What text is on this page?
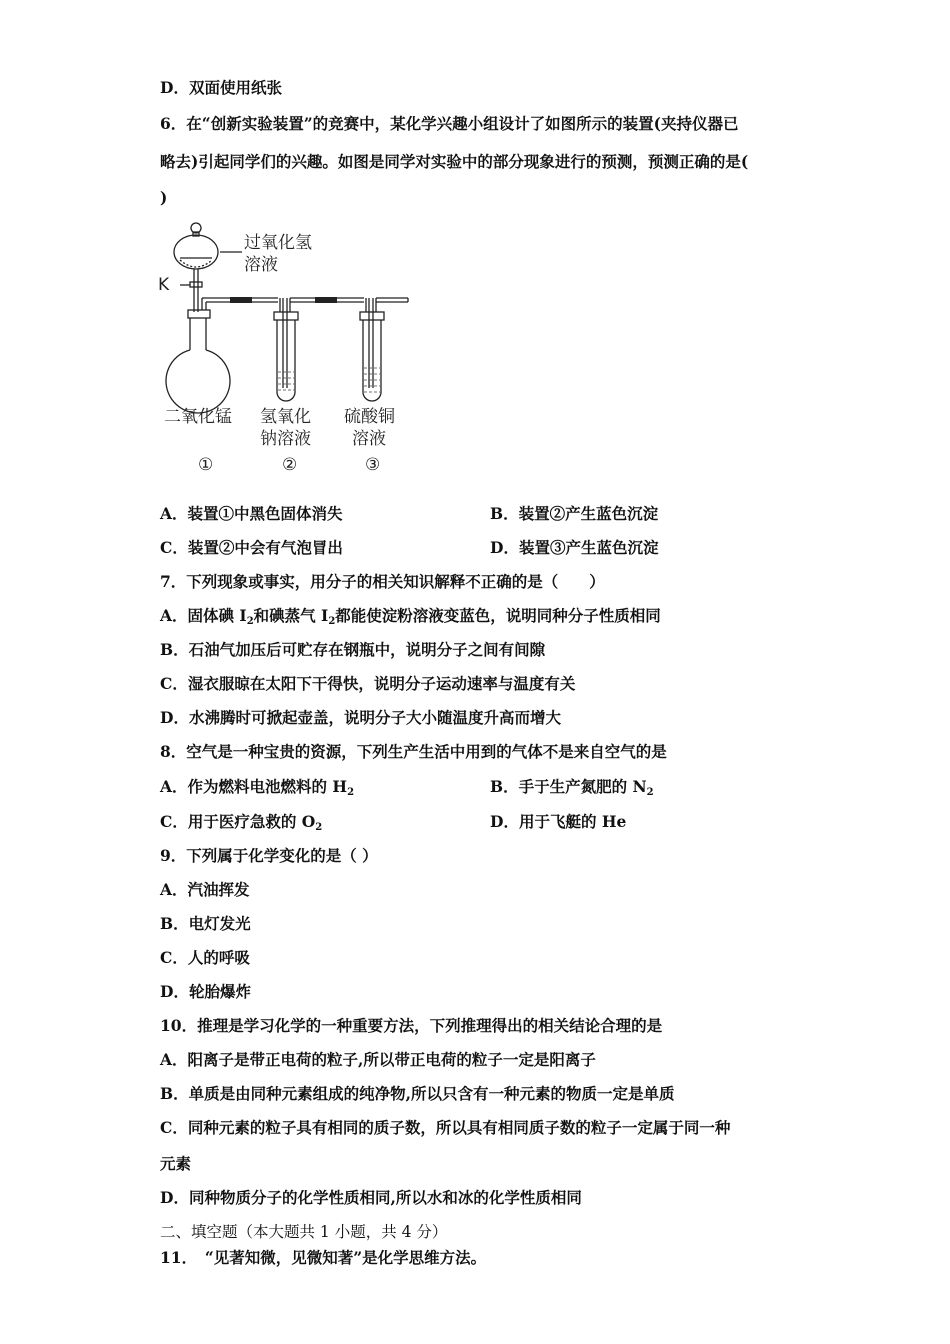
D．双面使用纸张
6．在“创新实验装置”的竞赛中，某化学兴趣小组设计了如图所示的装置(夹持仪器已
略去)引起同学们的兴趣。如图是同学对实验中的部分现象进行的预测，预测正确的是(
)
过氧化氢
溶液
K
二氧化锰 氢氧化
钠溶液
硫酸铜
溶液
①	②	③
A．装置①中黑色固体消失	B．装置②产生蓝色沉淀
C．装置②中会有气泡冒出	D．装置③产生蓝色沉淀
7．下列现象或事实，用分子的相关知识解释不正确的是（　　）
A．固体碘 $I_2$和碘蒸气 $I_2$都能使淀粉溶液变蓝色，说明同种分子性质相同
B．石油气加压后可贮存在钢瓶中，说明分子之间有间隙
C．湿衣服晾在太阳下干得快，说明分子运动速率与温度有关
D．水沸腾时可掀起壶盖，说明分子大小随温度升高而增大
8．空气是一种宝贵的资源，下列生产生活中用到的气体不是来自空气的是
A．作为燃料电池燃料的 $H_2$	B．手于生产氮肥的 $N_2$
C．用于医疗急救的 $O_2$	D．用于飞艇的 He
9．下列属于化学变化的是（ ）
A．汽油挥发
B．电灯发光
C．人的呼吸
D．轮胎爆炸
10．推理是学习化学的一种重要方法，下列推理得出的相关结论合理的是
A．阳离子是带正电荷的粒子,所以带正电荷的粒子一定是阳离子
B．单质是由同种元素组成的纯净物,所以只含有一种元素的物质一定是单质
C．同种元素的粒子具有相同的质子数，所以具有相同质子数的粒子一定属于同一种
元素
D．同种物质分子的化学性质相同,所以水和冰的化学性质相同
二、填空题（本大题共 1 小题，共 4 分）
11．　“见著知微，见微知著”是化学思维方法。
